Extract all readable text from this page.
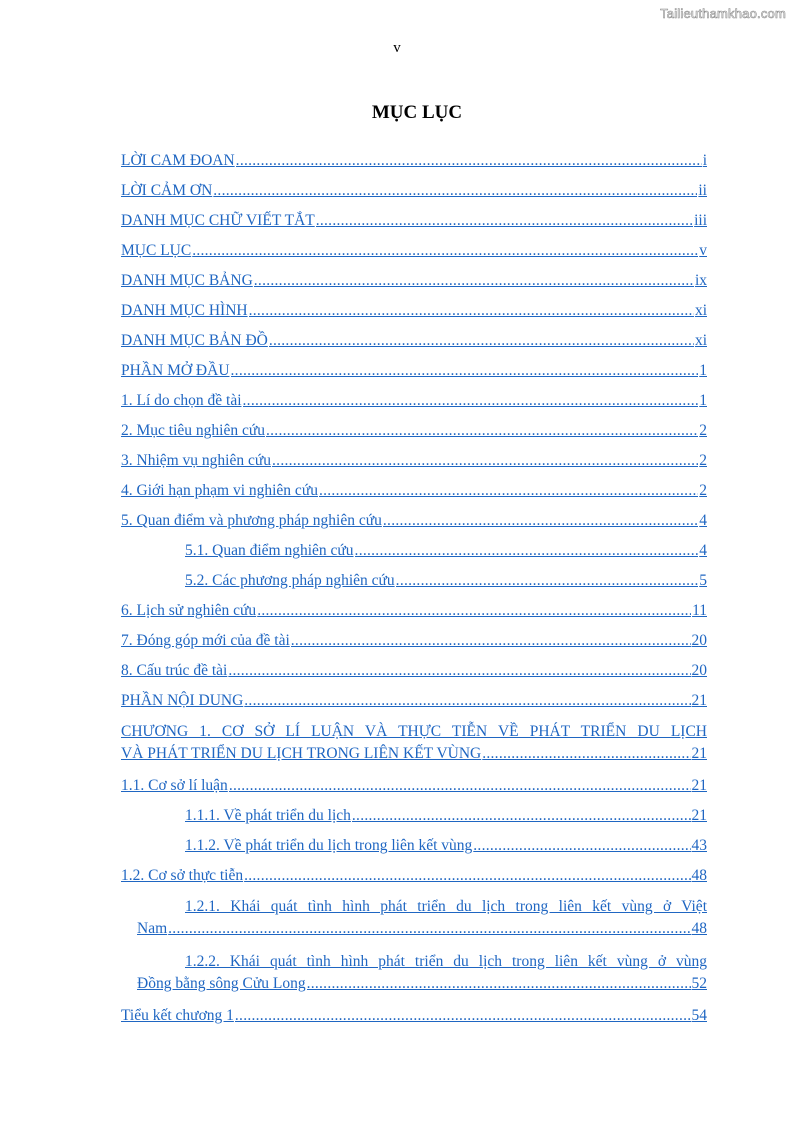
Tailieuthamkhao.com
v
MỤC LỤC
LỜI CAM ĐOAN . . .	i
LỜI CẢM ƠN . . .	ii
DANH MỤC CHỮ VIẾT TẮT . . .	iii
MỤC LỤC . . .	v
DANH MỤC BẢNG . . .	ix
DANH MỤC HÌNH . . .	xi
DANH MỤC BẢN ĐỒ . . .	xi
PHẦN MỞ ĐẦU . . .	1
1. Lí do chọn đề tài . . .	1
2. Mục tiêu nghiên cứu . . .	2
3. Nhiệm vụ nghiên cứu . . .	2
4. Giới hạn phạm vi nghiên cứu . . .	2
5. Quan điểm và phương pháp nghiên cứu . . .	4
5.1. Quan điểm nghiên cứu . . .	4
5.2. Các phương pháp nghiên cứu . . .	5
6. Lịch sử nghiên cứu . . .	11
7. Đóng góp mới của đề tài . . .	20
8. Cấu trúc đề tài . . .	20
PHẦN NỘI DUNG . . .	21
CHƯƠNG 1. CƠ SỞ LÍ LUẬN VÀ THỰC TIỄN VỀ PHÁT TRIỂN DU LỊCH
VÀ PHÁT TRIỂN DU LỊCH TRONG LIÊN KẾT VÙNG . . .	21
1.1. Cơ sở lí luận . . .	21
1.1.1. Về phát triển du lịch . . .	21
1.1.2. Về phát triển du lịch trong liên kết vùng . . .	43
1.2. Cơ sở thực tiễn . . .	48
1.2.1. Khái quát tình hình phát triển du lịch trong liên kết vùng ở Việt
Nam . . .	48
1.2.2. Khái quát tình hình phát triển du lịch trong liên kết vùng ở vùng
Đồng bằng sông Cửu Long . . .	52
Tiểu kết chương 1 . . .	54
